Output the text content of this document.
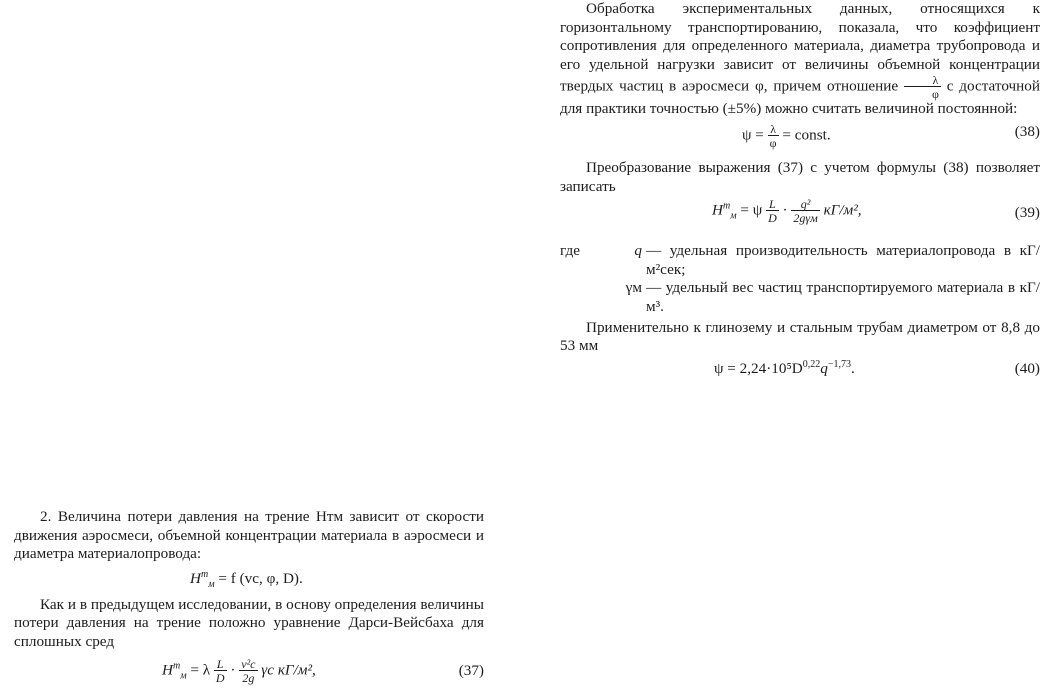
Обработка экспериментальных данных, относящихся к горизонтальному транспортированию, показала, что коэффициент сопротивления для определенного материала, диаметра трубопровода и его удельной нагрузки зависит от величины объемной концентрации твердых частиц в аэросмеси φ, причем отношение $\frac{\lambda}{\varphi}$ с достаточной для практики точностью (±5%) можно считать величиной постоянной:

$\psi = \frac{\lambda}{\varphi}$ = const.	(38)

Преобразование выражения (37) с учетом формулы (38) позволяет записать

$H^т_м = \psi \frac{L}{D} \cdot \frac{\text{q²}}{\text{2gγм}} кГ/м^2$,	(39)
где	q — удельная производительность материалопровода в кГ/м²сек;
γм — удельный вес частиц транспортируемого материала в кГ/м³.

Применительно к глинозему и стальным трубам диаметром от 8,8 до 53 мм

$\psi = 2,24\cdot 10^5D^{0,22}q^{-1,73}$.	(40)

2. Величина потери давления на трение Hтм зависит от скорости движения аэросмеси, объемной концентрации материала в аэросмеси и диаметра материалопровода:

$H^т_м = f$ (vс, φ, D).

Как и в предыдущем исследовании, в основу определения величины потери давления на трение положно уравнение Дарси-Вейсбаха для сплошных сред

$H^т_м = \lambda \frac{L}{D} \cdot \frac{\text{v²с}}{2g}$ γс кГ/м²,	(37)
